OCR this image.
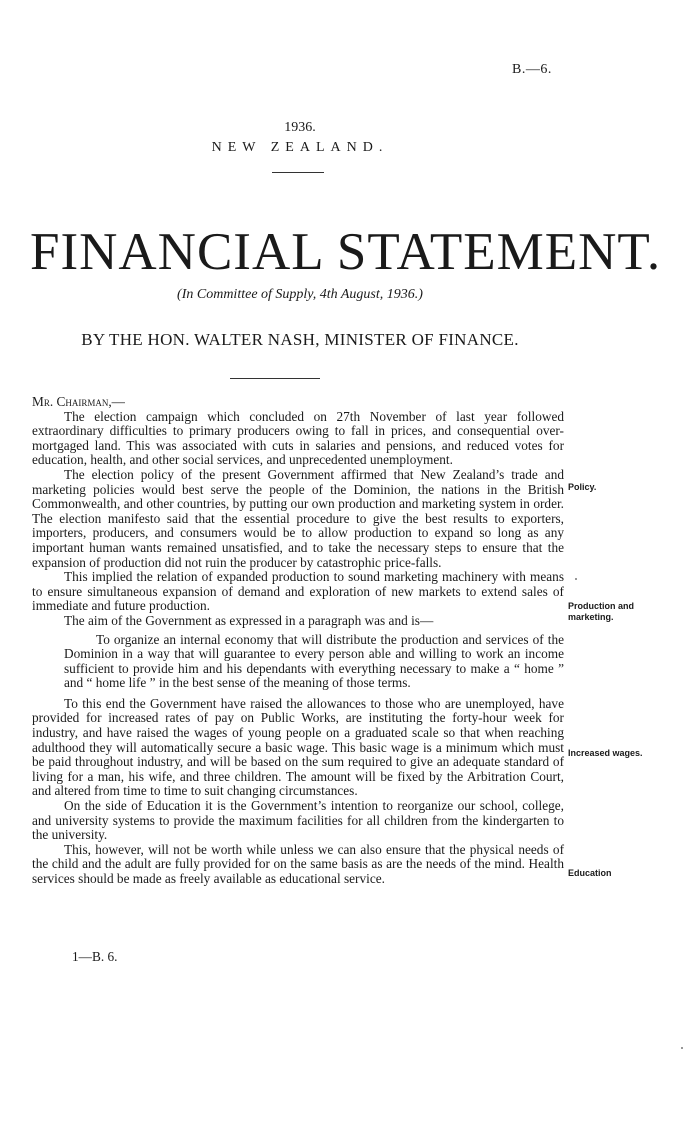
B.—6.
1936.
NEW ZEALAND.
FINANCIAL STATEMENT.
(In Committee of Supply, 4th August, 1936.)
BY THE HON. WALTER NASH, MINISTER OF FINANCE.

Mr. Chairman,—

The election campaign which concluded on 27th November of last year followed extraordinary difficulties to primary producers owing to fall in prices, and consequential over-mortgaged land. This was associated with cuts in salaries and pensions, and reduced votes for education, health, and other social services, and unprecedented unemployment.

The election policy of the present Government affirmed that New Zealand’s trade and marketing policies would best serve the people of the Dominion, the nations in the British Commonwealth, and other countries, by putting our own production and marketing system in order. The election manifesto said that the essential procedure to give the best results to exporters, importers, producers, and consumers would be to allow production to expand so long as any important human wants remained unsatisfied, and to take the necessary steps to ensure that the expansion of production did not ruin the producer by catastrophic price-falls.

This implied the relation of expanded production to sound marketing machinery with means to ensure simultaneous expansion of demand and exploration of new markets to extend sales of immediate and future production.

The aim of the Government as expressed in a paragraph was and is—

To organize an internal economy that will distribute the production and services of the Dominion in a way that will guarantee to every person able and willing to work an income sufficient to provide him and his dependants with everything necessary to make a “ home ” and “ home life ” in the best sense of the meaning of those terms.

To this end the Government have raised the allowances to those who are unemployed, have provided for increased rates of pay on Public Works, are instituting the forty-hour week for industry, and have raised the wages of young people on a graduated scale so that when reaching adulthood they will automatically secure a basic wage. This basic wage is a minimum which must be paid throughout industry, and will be based on the sum required to give an adequate standard of living for a man, his wife, and three children. The amount will be fixed by the Arbitration Court, and altered from time to time to suit changing circumstances.

On the side of Education it is the Government’s intention to reorganize our school, college, and university systems to provide the maximum facilities for all children from the kindergarten to the university.

This, however, will not be worth while unless we can also ensure that the physical needs of the child and the adult are fully provided for on the same basis as are the needs of the mind. Health services should be made as freely available as educational service.

Policy.
Production and marketing.
Increased wages.
Education
1—B. 6.
